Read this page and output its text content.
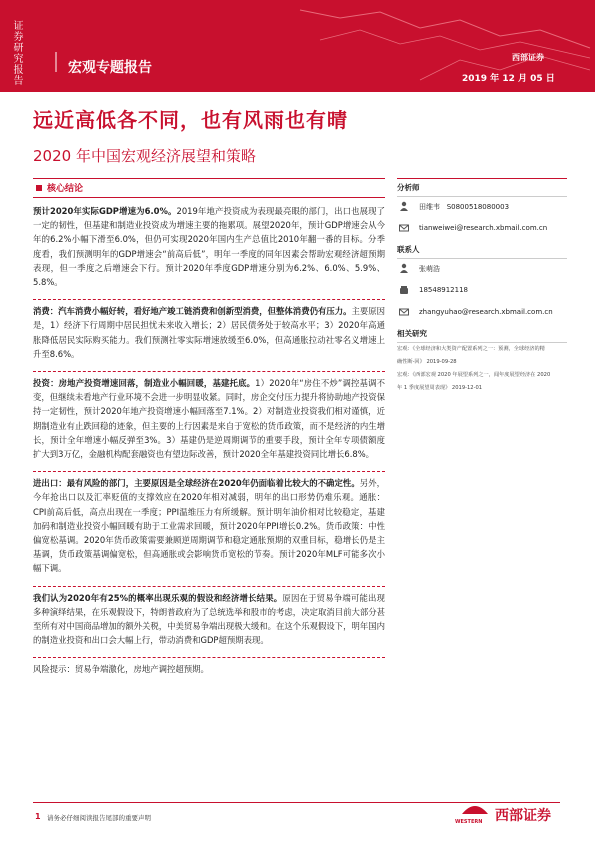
证券研究报告	宏观专题报告
西部证券
2019 年 12 月 05 日
远近高低各不同，也有风雨也有晴
2020 年中国宏观经济展望和策略
核心结论
预计2020年实际GDP增速为6.0%。2019年地产投资成为表现最亮眼的部门，出口也展现了一定的韧性，但基建和制造业投资成为增速主要的拖累项。展望2020年，预计GDP增速会从今年的6.2%小幅下滑至6.0%，但仍可实现2020年国内生产总值比2010年翻一番的目标。分季度看，我们预测明年的GDP增速会“前高后低”，明年一季度的同年因素会帮助宏观经济超预期表现，但一季度之后增速会下行。预计2020年季度GDP增速分别为6.2%、6.0%、5.9%、5.8%。
消费：汽车消费小幅好转，看好地产竣工链消费和创新型消费，但整体消费仍有压力。主要原因是，1）经济下行周期中居民担忧未来收入增长；2）居民债务处于较高水平；3）2020年高通胀降低居民实际购买能力。我们预测社零实际增速放缓至6.0%，但高通胀拉动社零名义增速上升至8.6%。
投资：房地产投资增速回落，制造业小幅回暖，基建托底。1）2020年“房住不炒”调控基调不变，但继续未看地产行业环境不会进一步明显收紧。同时，房企交付压力提升将协助地产投资保持一定韧性，预计2020年地产投资增速小幅回落至7.1%。2）对制造业投资我们相对谨慎，近期制造业有止跌回稳的迹象，但主要的上行因素是来自于宽松的货币政策，而不是经济的内生增长，预计全年增速小幅反弹至3%。3）基建仍是逆周期调节的重要手段，预计全年专项债额度扩大到3万亿，金融机构配套融资也有望边际改善，预计2020全年基建投资同比增长6.8%。
进出口：最有风险的部门，主要原因是全球经济在2020年仍面临着比较大的不确定性。另外，今年抢出口以及汇率贬值的支撑效应在2020年相对减弱，明年的出口形势仍难乐观。通胀：CPI前高后低，高点出现在一季度；PPI温维压力有所缓解。预计明年油价相对比较稳定，基建加码和制造业投资小幅回暖有助于工业需求回暖，预计2020年PPI增长0.2%。货币政策：中性偏宽松基调。2020年货币政策需要兼顾逆周期调节和稳定通胀预期的双重目标，稳增长仍是主基调，货币政策基调偏宽松，但高通胀或会影响货币宽松的节奏。预计2020年MLF可能多次小幅下调。
我们认为2020年有25%的概率出现乐观的假设和经济增长结果。原因在于贸易争端可能出现多种演绎结果，在乐观假设下，特朗普政府为了总统选举和股市的考虑，决定取消目前大部分甚至所有对中国商品增加的额外关税，中美贸易争端出现极大缓和。在这个乐观假设下，明年国内的制造业投资和出口会大幅上行，带动消费和GDP超预期表现。
风险提示：贸易争端激化，房地产调控超预期。
分析师
田维韦 S0800518080003
tianweiwei@research.xbmail.com.cn
联系人
张萌浩
18548912118
zhangyuhao@research.xbmail.com.cn
相关研究
宏观：《全球经济和大类资产配置系列之一：预测，全球经济的精
确性断-回》 2019-09-28
宏观：《西部宏观 2020 年展望系列之一，闻年度展望经济在 2020
年 1 季度展望周表现》 2019-12-01
1 请务必仔细阅读报告尾部的重要声明	WESTERN 西部证券
